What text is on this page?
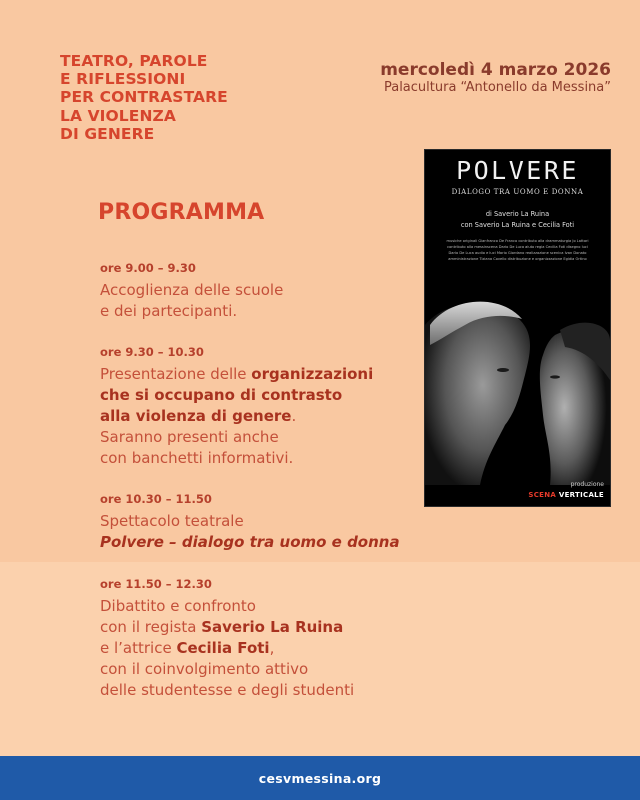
TEATRO, PAROLE
E RIFLESSIONI
PER CONTRASTARE
LA VIOLENZA
DI GENERE
mercoledì 4 marzo 2026
Palacultura “Antonello da Messina”
PROGRAMMA
ore 9.00 – 9.30
Accoglienza delle scuole
e dei partecipanti.
ore 9.30 – 10.30
Presentazione delle organizzazioni
che si occupano di contrasto
alla violenza di genere.
Saranno presenti anche
con banchetti informativi.
ore 10.30 – 11.50
Spettacolo teatrale
Polvere – dialogo tra uomo e donna
ore 11.50 – 12.30
Dibattito e confronto
con il regista Saverio La Ruina
e l’attrice Cecilia Foti,
con il coinvolgimento attivo
delle studentesse e degli studenti
POLVERE
DIALOGO TRA UOMO E DONNA
di Saverio La Ruina
con Saverio La Ruina e Cecilia Foti
musiche originali Gianfranco De Franco contributo alla drammaturgia Jo Lattari
contributo alla messinscena Dario De Luca aiuto regia Cecilia Foti disegno luci
Dario De Luca audio e luci Mario Giordano realizzazione scenica Ivan Donato
amministrazione Tiziana Covello distribuzione e organizzazione Egidia Ortino
produzione
SCENA VERTICALE
cesvmessina.org
